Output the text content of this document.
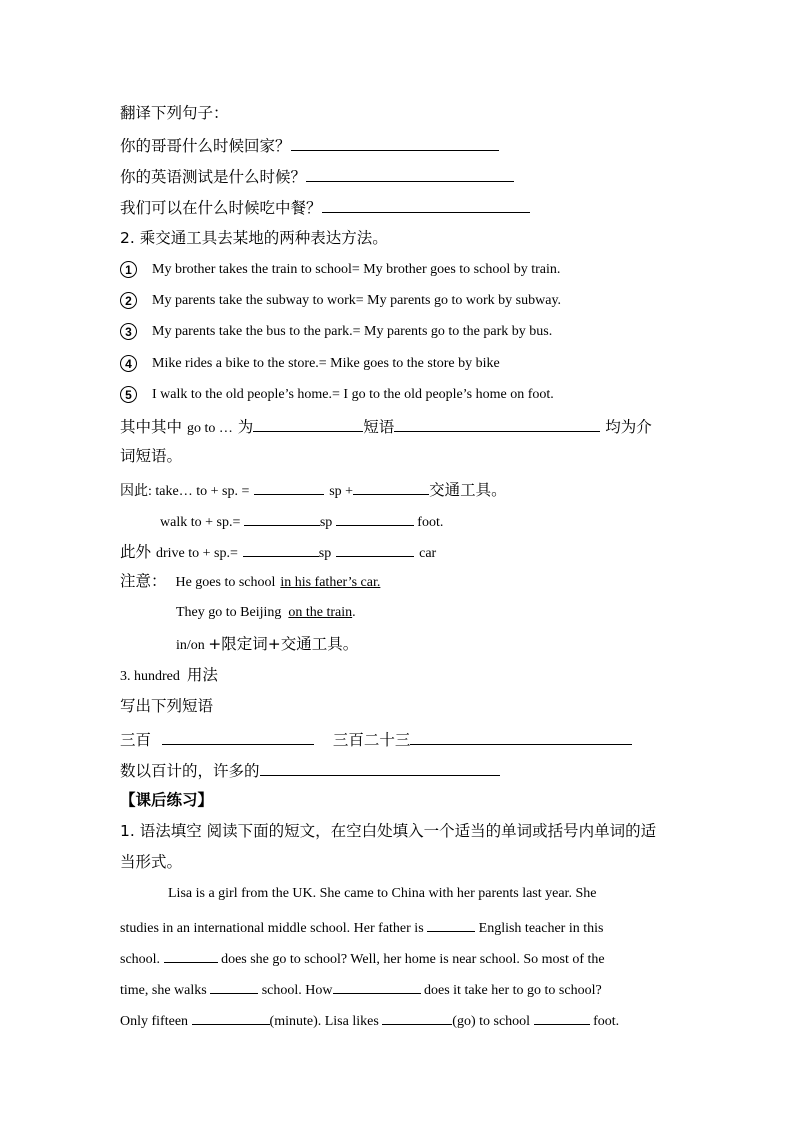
翻译下列句子：
你的哥哥什么时候回家？
你的英语测试是什么时候？
我们可以在什么时候吃中餐？
2. 乘交通工具去某地的两种表达方法。
1 My brother takes the train to school= My brother goes to school by train.
2 My parents take the subway to work= My parents go to work by subway.
3 My parents take the bus to the park.= My parents go to the park by bus.
4 Mike rides a bike to the store.= Mike goes to the store by bike
5 I walk to the old people’s home.= I go to the old people’s home on foot.
其中其中 go to … 为	短语	均为介
词短语。
因此: take… to + sp. =	sp +	交通工具。
walk to + sp.=	sp	foot.
此外 drive to + sp.=	sp	car
注意： He goes to school in his father’s car.
They go to Beijing on the train.
in/on +限定词+交通工具。
3. hundred 用法
写出下列短语
三百	三百二十三
数以百计的，许多的
【课后练习】
1. 语法填空 阅读下面的短文，在空白处填入一个适当的单词或括号内单词的适
当形式。
Lisa is a girl from the UK. She came to China with her parents last year. She
studies in an international middle school. Her father is	English teacher in this
school.	does she go to school? Well, her home is near school. So most of the
time, she walks	school. How	does it take her to go to school?
Only fifteen	(minute). Lisa likes	(go) to school	foot.
